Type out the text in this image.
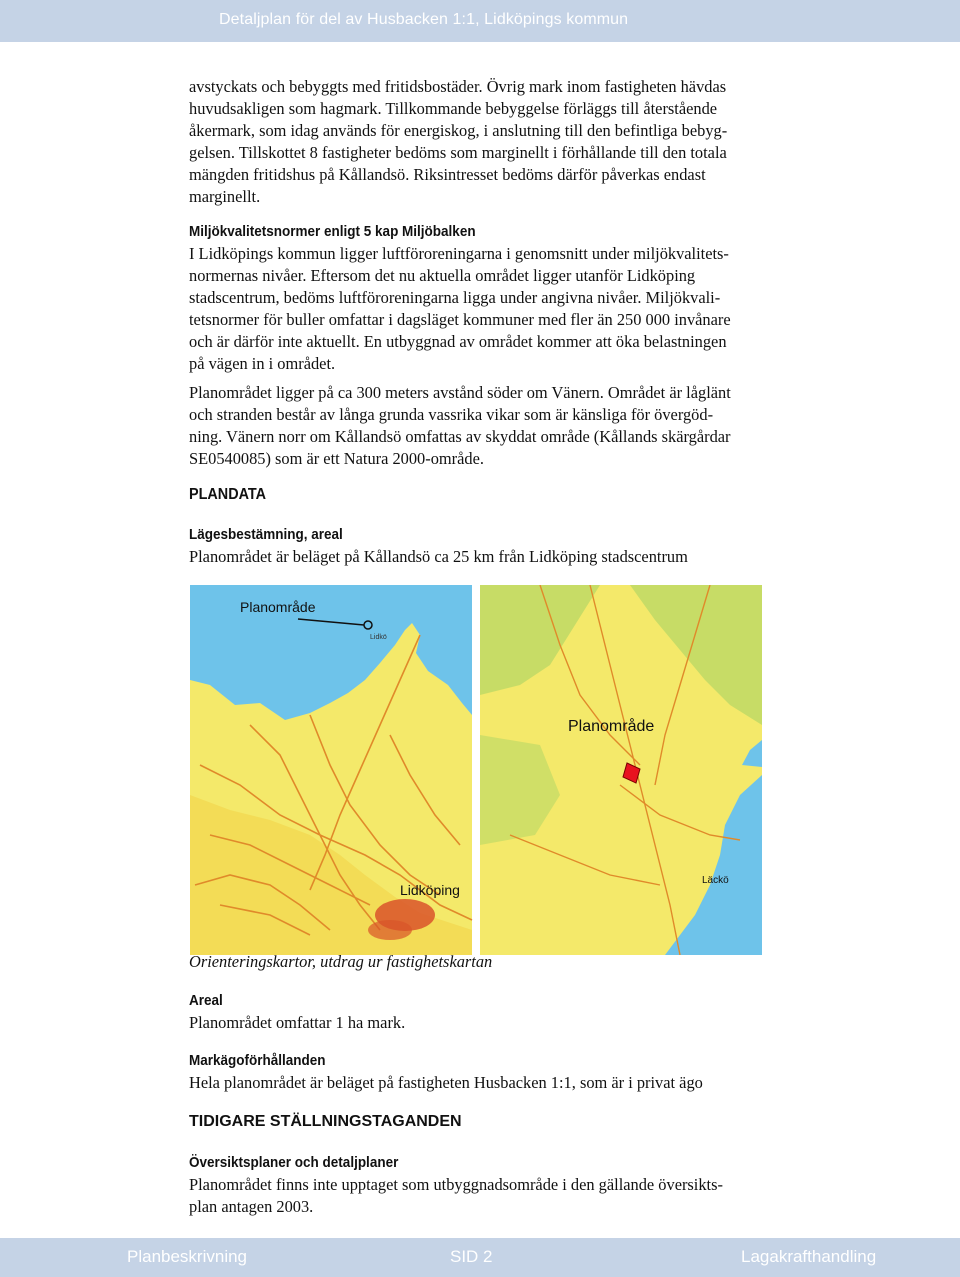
Detaljplan för del av Husbacken 1:1, Lidköpings kommun

avstyckats och bebyggts med fritidsbostäder. Övrig mark inom fastigheten hävdas
huvudsakligen som hagmark. Tillkommande bebyggelse förläggs till återstående
åkermark, som idag används för energiskog, i anslutning till den befintliga bebyg-
gelsen. Tillskottet 8 fastigheter bedöms som marginellt i förhållande till den totala
mängden fritidshus på Kållandsö. Riksintresset bedöms därför påverkas endast
marginellt.

Miljökvalitetsnormer enligt 5 kap Miljöbalken

I Lidköpings kommun ligger luftföroreningarna i genomsnitt under miljökvalitets-
normernas nivåer. Eftersom det nu aktuella området ligger utanför Lidköping
stadscentrum, bedöms luftföroreningarna ligga under angivna nivåer. Miljökvali-
tetsnormer för buller omfattar i dagsläget kommuner med fler än 250 000 invånare
och är därför inte aktuellt. En utbyggnad av området kommer att öka belastningen
på vägen in i området.

Planområdet ligger på ca 300 meters avstånd söder om Vänern. Området är låglänt
och stranden består av långa grunda vassrika vikar som är känsliga för övergöd-
ning. Vänern norr om Kållandsö omfattas av skyddat område (Kållands skärgårdar
SE0540085) som är ett Natura 2000-område.

PLANDATA
Lägesbestämning, areal

Planområdet är beläget på Kållandsö ca 25 km från Lidköping stadscentrum

Planområde
Lidkö
Lidköping
Planområde
Läckö
Orienteringskartor, utdrag ur fastighetskartan
Areal

Planområdet omfattar 1 ha mark.

Markägoförhållanden

Hela planområdet är beläget på fastigheten Husbacken 1:1, som är i privat ägo

TIDIGARE STÄLLNINGSTAGANDEN
Översiktsplaner och detaljplaner

Planområdet finns inte upptaget som utbyggnadsområde i den gällande översikts-
plan antagen 2003.

Planbeskrivning	SID 2	Lagakrafthandling
